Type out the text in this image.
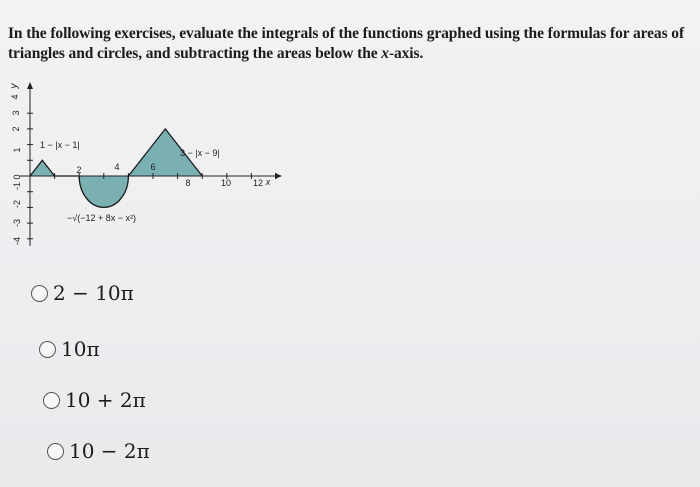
In the following exercises, evaluate the integrals of the functions graphed using the formulas for areas of triangles and circles, and subtracting the areas below the x-axis.
y
4
3
2
1
0
-1
-2
-3
-4
2	4	6
8	10 12 x
1 − |x − 1|
3 − |x − 9|
−√(−12 + 8x − x²)
2 − 10π
10π
10 + 2π
10 − 2π
